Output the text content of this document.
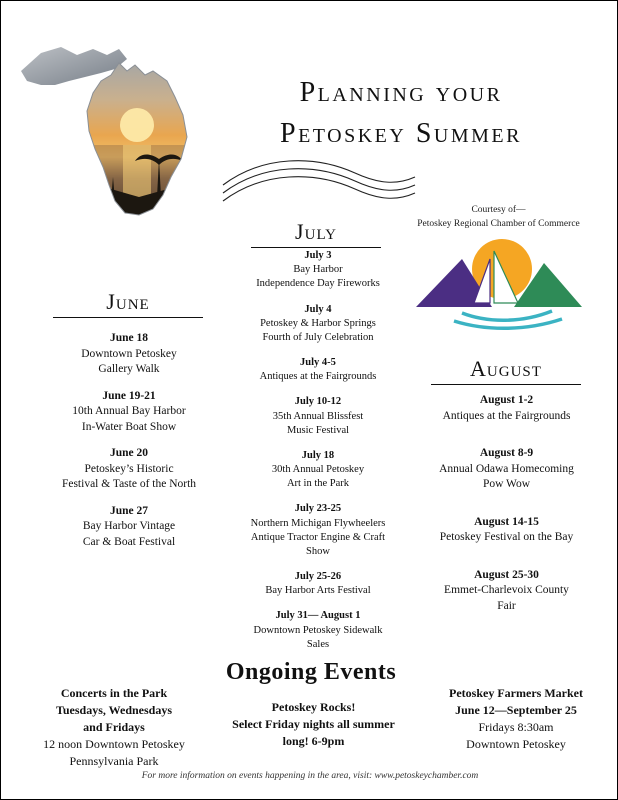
Planning your
Petoskey Summer
Courtesy of—
Petoskey Regional Chamber of Commerce
June
June 18
Downtown Petoskey
Gallery Walk
June 19-21
10th Annual Bay Harbor
In-Water Boat Show
June 20
Petoskey’s Historic
Festival & Taste of the North
June 27
Bay Harbor Vintage
Car & Boat Festival
July
July 3
Bay Harbor
Independence Day Fireworks
July 4
Petoskey & Harbor Springs
Fourth of July Celebration
July 4-5
Antiques at the Fairgrounds
July 10-12
35th Annual Blissfest
Music Festival
July 18
30th Annual Petoskey
Art in the Park
July 23-25
Northern Michigan Flywheelers
Antique Tractor Engine & Craft
Show
July 25-26
Bay Harbor Arts Festival
July 31— August 1
Downtown Petoskey Sidewalk
Sales
August
August 1-2
Antiques at the Fairgrounds
August 8-9
Annual Odawa Homecoming
Pow Wow
August 14-15
Petoskey Festival on the Bay
August 25-30
Emmet-Charlevoix County
Fair
Ongoing Events
Concerts in the Park
Tuesdays, Wednesdays
and Fridays
12 noon Downtown Petoskey
Pennsylvania Park
Petoskey Rocks!
Select Friday nights all summer
long! 6-9pm
Petoskey Farmers Market
June 12—September 25
Fridays 8:30am
Downtown Petoskey
For more information on events happening in the area, visit: www.petoskeychamber.com
